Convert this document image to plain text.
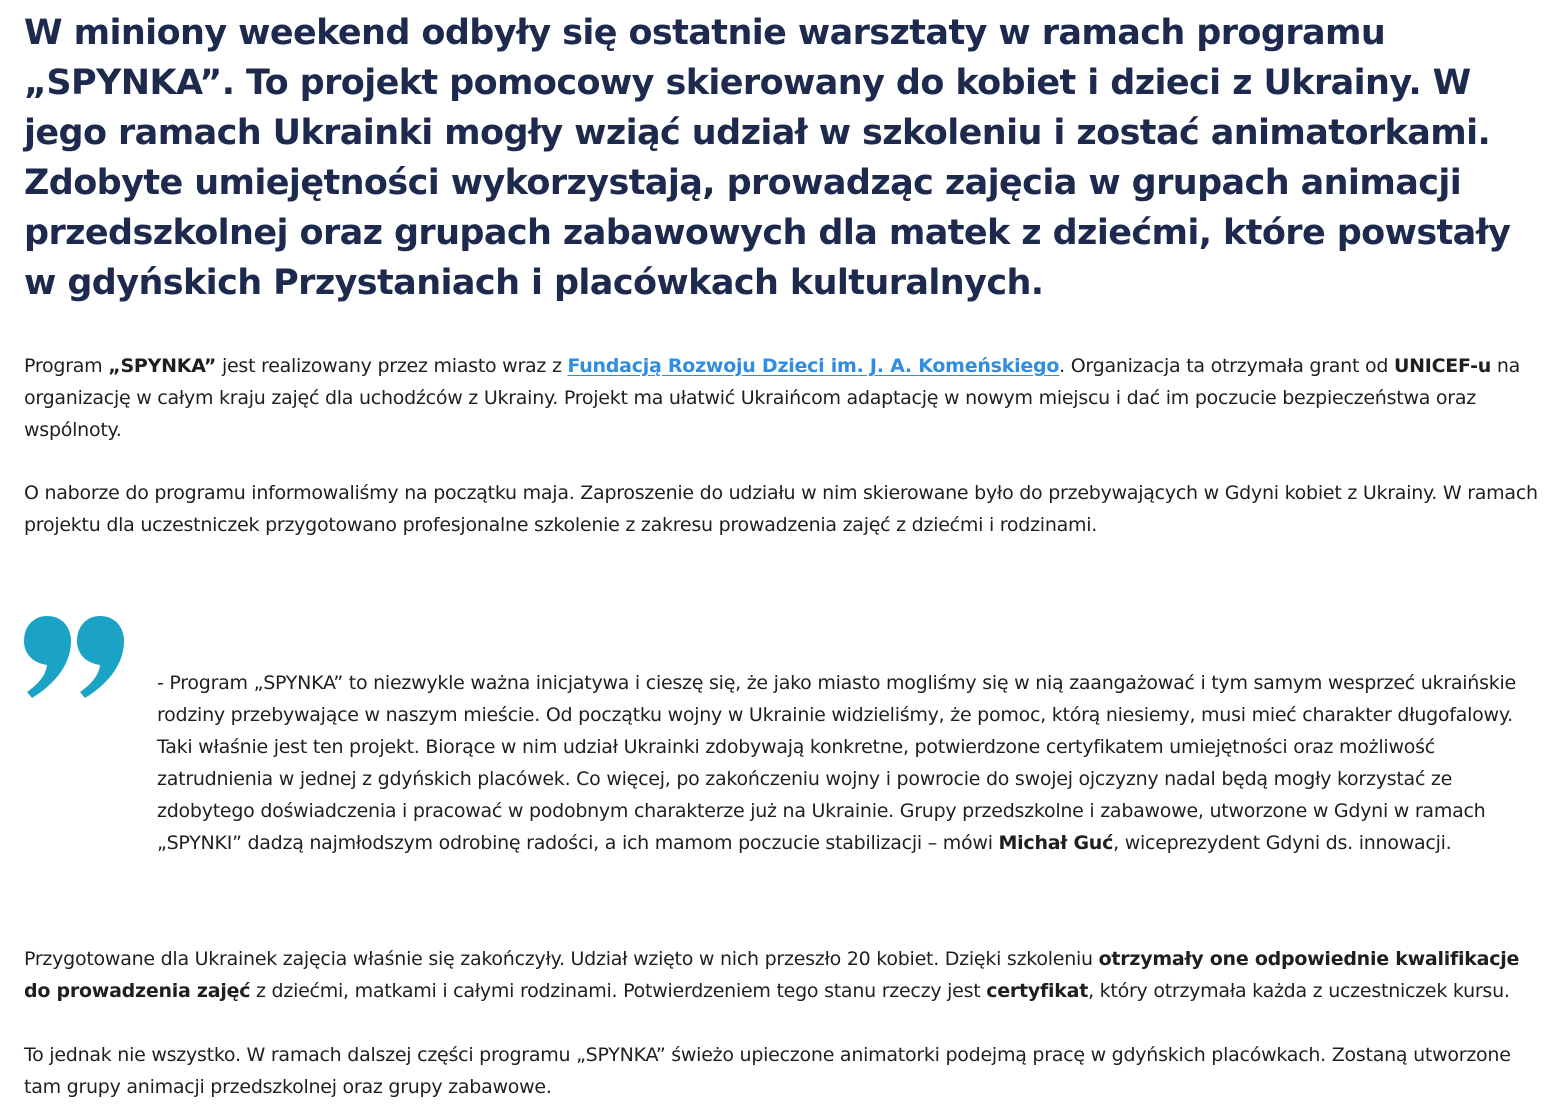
W miniony weekend odbyły się ostatnie warsztaty w ramach programu „SPYNKA”. To projekt pomocowy skierowany do kobiet i dzieci z Ukrainy. W jego ramach Ukrainki mogły wziąć udział w szkoleniu i zostać animatorkami. Zdobyte umiejętności wykorzystają, prowadząc zajęcia w grupach animacji przedszkolnej oraz grupach zabawowych dla matek z dziećmi, które powstały w gdyńskich Przystaniach i placówkach kulturalnych.

Program „SPYNKA” jest realizowany przez miasto wraz z Fundacją Rozwoju Dzieci im. J. A. Komeńskiego. Organizacja ta otrzymała grant od UNICEF-u na organizację w całym kraju zajęć dla uchodźców z Ukrainy. Projekt ma ułatwić Ukraińcom adaptację w nowym miejscu i dać im poczucie bezpieczeństwa oraz wspólnoty.

O naborze do programu informowaliśmy na początku maja. Zaproszenie do udziału w nim skierowane było do przebywających w Gdyni kobiet z Ukrainy. W ramach projektu dla uczestniczek przygotowano profesjonalne szkolenie z zakresu prowadzenia zajęć z dziećmi i rodzinami.

- Program „SPYNKA” to niezwykle ważna inicjatywa i cieszę się, że jako miasto mogliśmy się w nią zaangażować i tym samym wesprzeć ukraińskie rodziny przebywające w naszym mieście. Od początku wojny w Ukrainie widzieliśmy, że pomoc, którą niesiemy, musi mieć charakter długofalowy. Taki właśnie jest ten projekt. Biorące w nim udział Ukrainki zdobywają konkretne, potwierdzone certyfikatem umiejętności oraz możliwość zatrudnienia w jednej z gdyńskich placówek. Co więcej, po zakończeniu wojny i powrocie do swojej ojczyzny nadal będą mogły korzystać ze zdobytego doświadczenia i pracować w podobnym charakterze już na Ukrainie. Grupy przedszkolne i zabawowe, utworzone w Gdyni w ramach „SPYNKI” dadzą najmłodszym odrobinę radości, a ich mamom poczucie stabilizacji – mówi Michał Guć, wiceprezydent Gdyni ds. innowacji.

Przygotowane dla Ukrainek zajęcia właśnie się zakończyły. Udział wzięto w nich przeszło 20 kobiet. Dzięki szkoleniu otrzymały one odpowiednie kwalifikacje do prowadzenia zajęć z dziećmi, matkami i całymi rodzinami. Potwierdzeniem tego stanu rzeczy jest certyfikat, który otrzymała każda z uczestniczek kursu.

To jednak nie wszystko. W ramach dalszej części programu „SPYNKA” świeżo upieczone animatorki podejmą pracę w gdyńskich placówkach. Zostaną utworzone tam grupy animacji przedszkolnej oraz grupy zabawowe.
